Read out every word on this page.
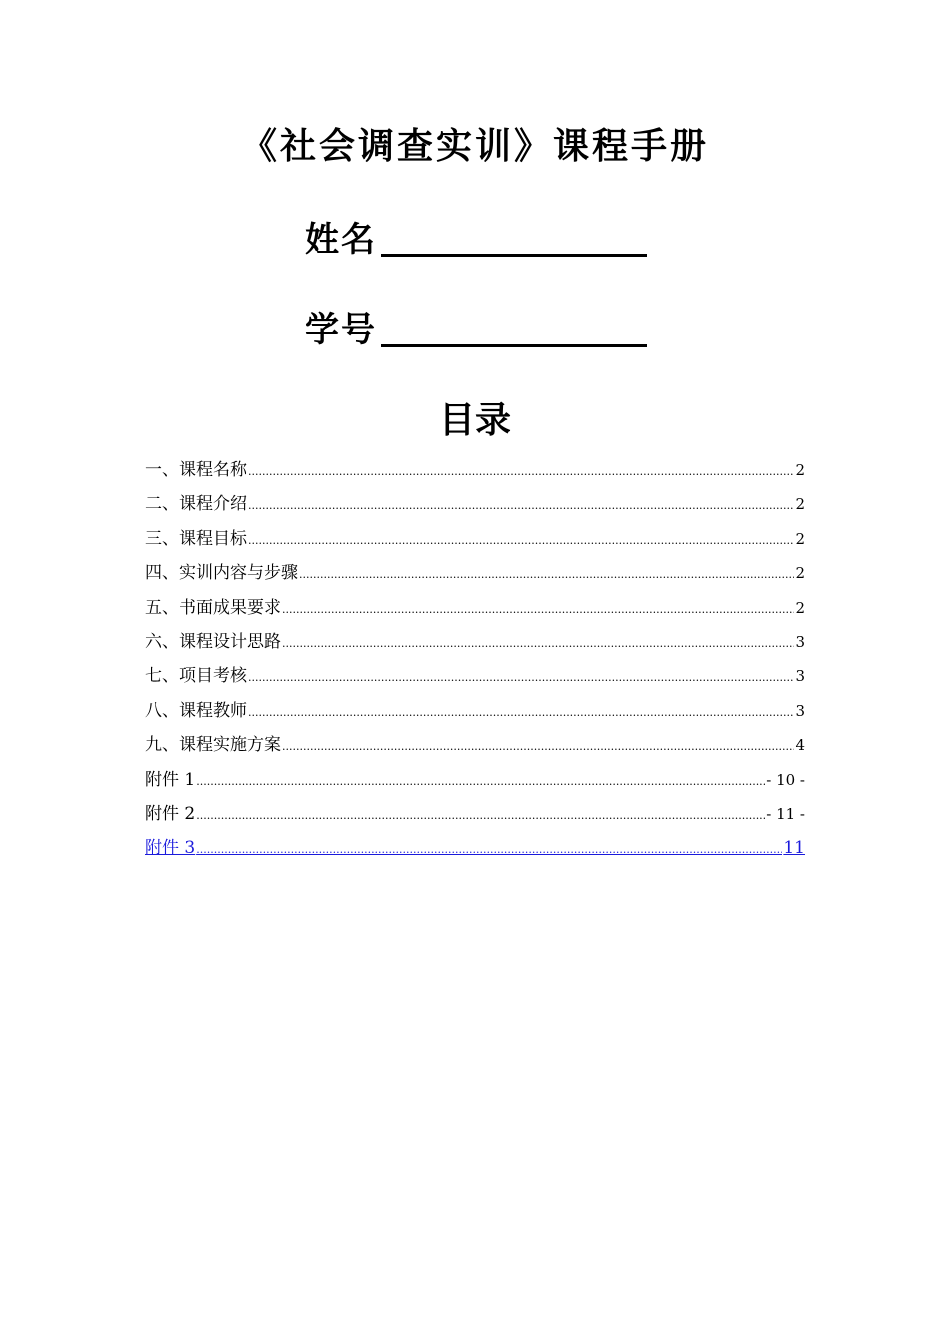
《社会调查实训》课程手册
姓名
学号
目录
一、课程名称 .....	2
二、课程介绍 .....	2
三、课程目标 .....	2
四、实训内容与步骤 .....	2
五、书面成果要求 .....	2
六、课程设计思路 .....	3
七、项目考核 .....	3
八、课程教师 .....	3
九、课程实施方案 .....	4
附件 1 .....	- 10 -
附件 2 .....	- 11 -
附件 3 .....	11
